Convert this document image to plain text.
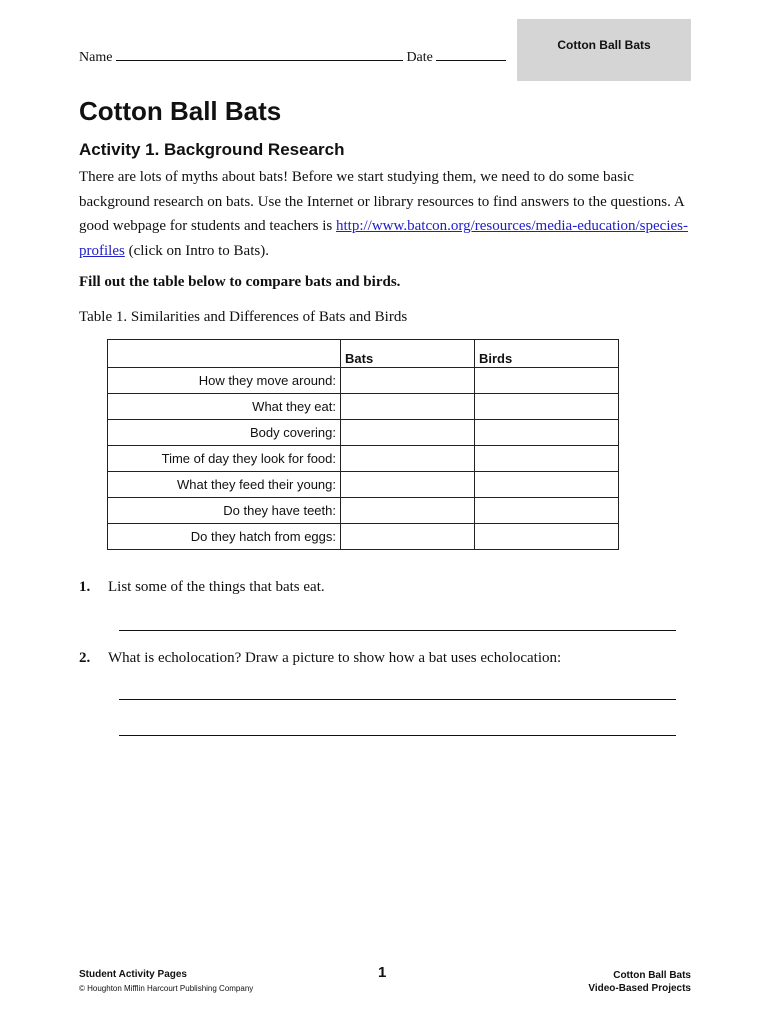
Cotton Ball Bats
Name	Date
Cotton Ball Bats
Activity 1. Background Research

There are lots of myths about bats! Before we start studying them, we need to do some basic background research on bats. Use the Internet or library resources to find answers to the questions. A good webpage for students and teachers is http://www.batcon.org/resources/media-education/species-profiles (click on Intro to Bats).

Fill out the table below to compare bats and birds.

Table 1. Similarities and Differences of Bats and Birds

	Bats	Birds
How they move around:		
What they eat:		
Body covering:		
Time of day they look for food:		
What they feed their young:		
Do they have teeth:		
Do they hatch from eggs:		

1. List some of the things that bats eat.

2. What is echolocation? Draw a picture to show how a bat uses echolocation:

Student Activity Pages

© Houghton Mifflin Harcourt Publishing Company

1	Cotton Ball Bats

Video-Based Projects
